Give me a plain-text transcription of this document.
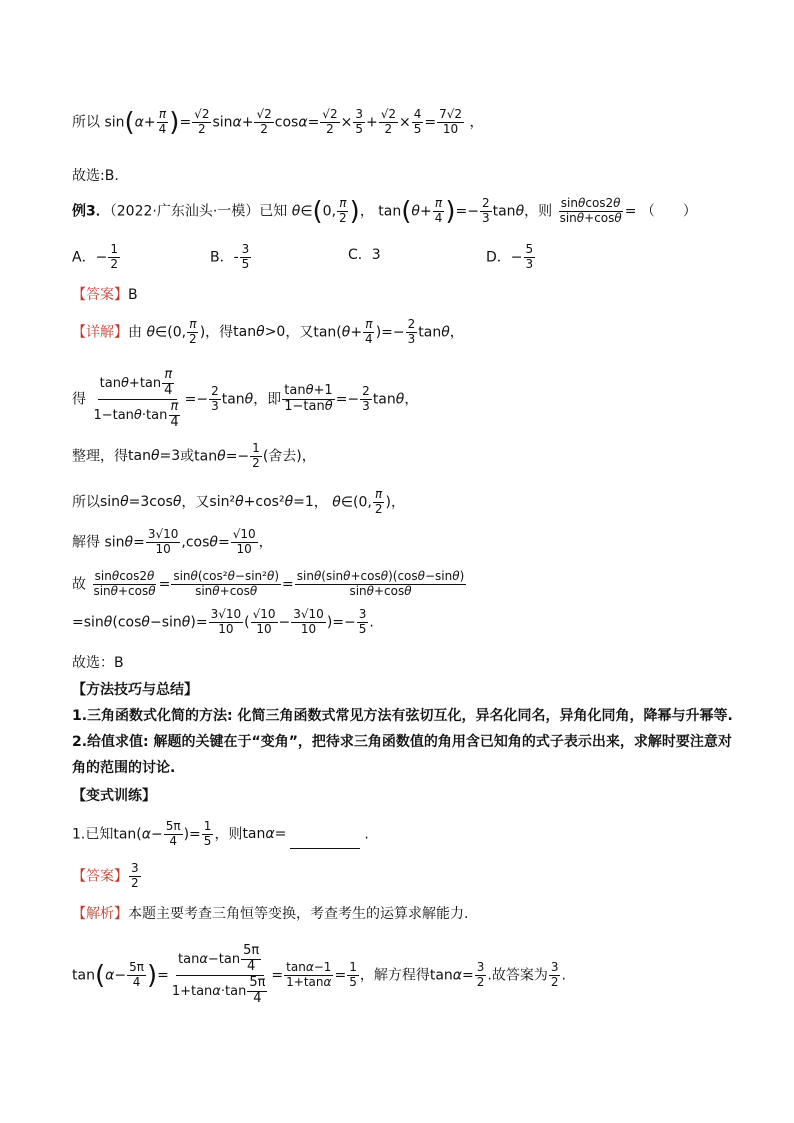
所以 $\sin(\alpha+ \frac{\pi}{4}$ )= $\frac{√2}{2} \sin\alpha+ \frac{√2}{2} \cos\alpha= \frac{√2}{2} \times \frac{3}{5} + \frac{√2}{2} \times \frac{4}{5} = \frac{7√2}{10}$ ，
故选:B.
例3．（2022·广东汕头·一模）已知 θ∈(0, $\frac{\pi}{2}$ )， $\tan(\theta+ \frac{\pi}{4}$ )=− $\frac{2}{3}$ tanθ，则 $\frac{\sin\theta\cos 2\theta}{\sin\theta+\cos\theta}$ = （　　）
A．− $\frac{1}{2}$	B．- $\frac{3}{5}$	C．3	D．− $\frac{5}{3}$
【答案】B
【详解】由 θ∈(0, $\frac{\pi}{2}$ )，得tanθ>0，又$\tan(\theta+ \frac{\pi}{4}$ )=− $\frac{2}{3}$ tanθ，
得 $\frac{\tan\theta+\tan \frac{\pi}{4}}{1-\tan\theta\cdot\tan \frac{\pi}{4}} =- \frac{2}{3}$ tanθ，即 $\frac{\tan\theta+1}{1-\tan\theta} =- \frac{2}{3}$ tanθ，
整理，得tanθ=3或$\tan\theta=- \frac{1}{2}$ (舍去)，
所以sinθ=3cosθ，又sin²θ+cos²θ=1， θ∈(0, $\frac{\pi}{2}$ )，
解得 $\sin\theta= \frac{3√10}{10} ,\cos\theta= \frac{√10}{10}$ ，
故 $\frac{\sin\theta\cos 2\theta}{\sin\theta+\cos\theta} = \frac{\text{sinθ(cos²θ−sin²θ)}}{\sin\theta+\cos\theta} = \frac{\sin\theta(\sin\theta+\cos\theta)(\cos\theta-\sin\theta)}{\sin\theta+\cos\theta}$
$=\sin\theta(\cos\theta-\sin\theta)= \frac{3√10}{10}$ ( $\frac{√10}{10} - \frac{3√10}{10}$ )=− $\frac{3}{5}$ .
故选：B
【方法技巧与总结】
1.三角函数式化简的方法: 化简三角函数式常见方法有弦切互化，异名化同名，异角化同角，降幂与升幂等.
2.给值求值: 解题的关键在于“变角”，把待求三角函数值的角用含已知角的式子表示出来，求解时要注意对
角的范围的讨论.
【变式训练】
1.已知$\tan(\alpha- \frac{5\pi}{4}$ )= $\frac{1}{5}$ ，则tanα=	.
【答案】 $\frac{3}{2}$
【解析】本题主要考查三角恒等变换，考查考生的运算求解能力.
$\tan(\alpha- \frac{5\pi}{4}$ )= $\frac{\tan\alpha-\tan \frac{5\pi}{4}}{1+\tan\alpha\cdot\tan \frac{5\pi}{4}} = \frac{\tan\alpha-1}{1+\tan\alpha} = \frac{1}{5}$ ，解方程得$\tan\alpha= \frac{3}{2}$ .故答案为 $\frac{3}{2}$ .
